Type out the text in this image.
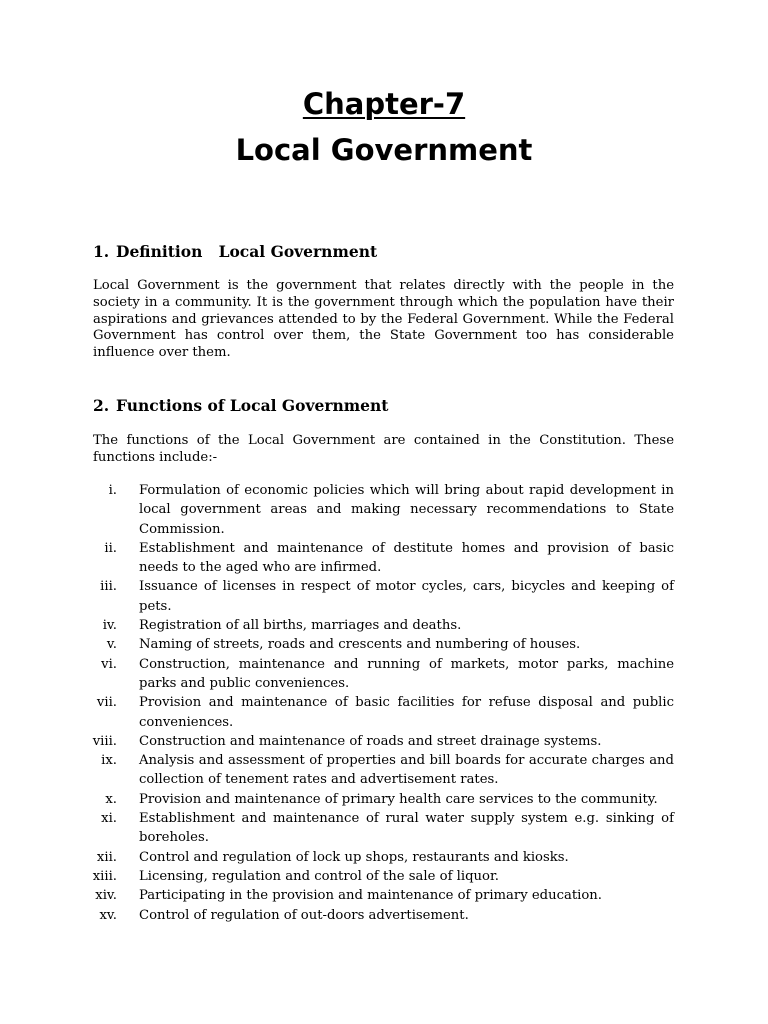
Chapter-7
Local Government
1. Definition   Local Government
Local Government is the government that relates directly with the people in the society in a community. It is the government through which the population have their aspirations and grievances attended to by the Federal Government. While the Federal Government has control over them, the State Government too has considerable influence over them.
2. Functions of Local Government
The functions of the Local Government are contained in the Constitution. These functions include:-
i. Formulation of economic policies which will bring about rapid development in local government areas and making necessary recommendations to State Commission.
ii. Establishment and maintenance of destitute homes and provision of basic needs to the aged who are infirmed.
iii. Issuance of licenses in respect of motor cycles, cars, bicycles and keeping of pets.
iv. Registration of all births, marriages and deaths.
v. Naming of streets, roads and crescents and numbering of houses.
vi. Construction, maintenance and running of markets, motor parks, machine parks and public conveniences.
vii. Provision and maintenance of basic facilities for refuse disposal and public conveniences.
viii. Construction and maintenance of roads and street drainage systems.
ix. Analysis and assessment of properties and bill boards for accurate charges and collection of tenement rates and advertisement rates.
x. Provision and maintenance of primary health care services to the community.
xi. Establishment and maintenance of rural water supply system e.g. sinking of boreholes.
xii. Control and regulation of lock up shops, restaurants and kiosks.
xiii. Licensing, regulation and control of the sale of liquor.
xiv. Participating in the provision and maintenance of primary education.
xv. Control of regulation of out-doors advertisement.
